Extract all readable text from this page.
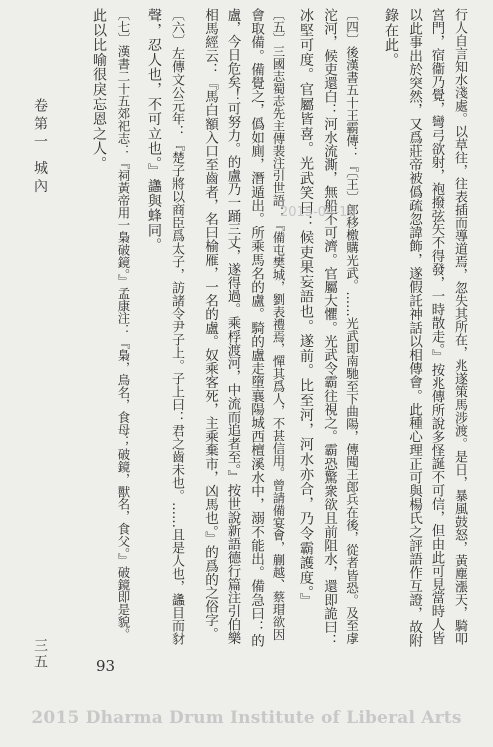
卷第一 城內
三五
行人自言知水淺處。以草往，往表插而導道焉，忽失其所在，兆遂策馬涉渡。是日，暴風鼓怒，黃塵漲天，騎叩
宮門，宿衞乃覺，彎弓欲射，袍撥弦矢不得發，一時散走。』按兆傳所說多怪誕不可信，但由此可見當時人皆
以此事出於突然，又爲莊帝被僞疏忽諱飾，遂假託神話以相傳會。此種心理正可與楊氏之評語作互證，故附
錄在此。
〔四〕後漢書五十王霸傳：『〔王〕郎移檄購光武。……光武即南馳至下曲陽，傳聞王郎兵在後，從者皆恐。及至虖
沱河，候吏還白：河水流澌，無船不可濟。官屬大懼。光武令霸往視之。霸恐驚衆欲且前阻水，還即詭曰：
冰堅可度。官屬皆喜。光武笑曰：候吏果妄語也。遂前。比至河，河水亦合，乃令霸護度。』
〔五〕三國志蜀志先主傳裴注引世語：『備屯樊城，劉表禮焉，憚其爲人，不甚信用。曾請備宴會，蒯越、蔡瑁欲因
會取備。備覺之，僞如廁，潛遁出。所乘馬名的盧。騎的盧走墮襄陽城西檀溪水中，溺不能出。備急曰：的
盧，今日危矣！可努力。的盧乃一踊三丈，遂得過。乘桴渡河，中流而追者至。』按世說新語德行篇注引伯樂
相馬經云：『馬白額入口至齒者，名曰榆雁，一名的盧。奴乘客死，主乘棄市，凶馬也。』的爲的之俗字。
〔六〕左傳文公元年：『楚子將以商臣爲太子，訪諸令尹子上。子上曰：君之齒未也。……且是人也，蠭目而豺
聲，忍人也，不可立也。』蠭與蜂同。
〔七〕漢書二十五郊祀志：『祠黃帝用一梟破鏡。』孟康注：『梟，鳥名，食母；破鏡，獸名，食父。』破鏡即是貌。
此以比喻很戾忘恩之人。
2015-04-16
93
2015 Dharma Drum Institute of Liberal Arts
